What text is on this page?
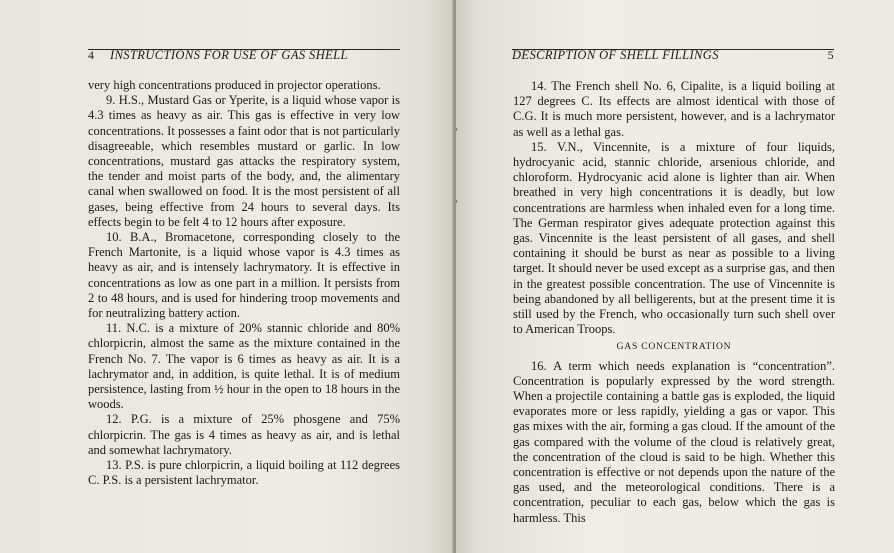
4 INSTRUCTIONS FOR USE OF GAS SHELL

very high concentrations produced in projector operations.

9. H.S., Mustard Gas or Yperite, is a liquid whose vapor is 4.3 times as heavy as air. This gas is effective in very low concentrations. It possesses a faint odor that is not particularly disagreeable, which resembles mustard or garlic. In low concentrations, mustard gas attacks the respiratory system, the tender and moist parts of the body, and, the alimentary canal when swallowed on food. It is the most persistent of all gases, being effective from 24 hours to several days. Its effects begin to be felt 4 to 12 hours after exposure.

10. B.A., Bromacetone, corresponding closely to the French Martonite, is a liquid whose vapor is 4.3 times as heavy as air, and is intensely lachrymatory. It is effective in concentrations as low as one part in a million. It persists from 2 to 48 hours, and is used for hindering troop movements and for neutralizing battery action.

11. N.C. is a mixture of 20% stannic chloride and 80% chlorpicrin, almost the same as the mixture contained in the French No. 7. The vapor is 6 times as heavy as air. It is a lachrymator and, in addition, is quite lethal. It is of medium persistence, lasting from ½ hour in the open to 18 hours in the woods.

12. P.G. is a mixture of 25% phosgene and 75% chlorpicrin. The gas is 4 times as heavy as air, and is lethal and somewhat lachrymatory.

13. P.S. is pure chlorpicrin, a liquid boiling at 112 degrees C. P.S. is a persistent lachrymator.

DESCRIPTION OF SHELL FILLINGS	5

14. The French shell No. 6, Cipalite, is a liquid boiling at 127 degrees C. Its effects are almost identical with those of C.G. It is much more persistent, however, and is a lachrymator as well as a lethal gas.

15. V.N., Vincennite, is a mixture of four liquids, hydrocyanic acid, stannic chloride, arsenious chloride, and chloroform. Hydrocyanic acid alone is lighter than air. When breathed in very high concentrations it is deadly, but low concentrations are harmless when inhaled even for a long time. The German respirator gives adequate protection against this gas. Vincennite is the least persistent of all gases, and shell containing it should be burst as near as possible to a living target. It should never be used except as a surprise gas, and then in the greatest possible concentration. The use of Vincennite is being abandoned by all belligerents, but at the present time it is still used by the French, who occasionally turn such shell over to American Troops.

GAS CONCENTRATION

16. A term which needs explanation is “concentration”. Concentration is popularly expressed by the word strength. When a projectile containing a battle gas is exploded, the liquid evaporates more or less rapidly, yielding a gas or vapor. This gas mixes with the air, forming a gas cloud. If the amount of the gas compared with the volume of the cloud is relatively great, the concentration of the cloud is said to be high. Whether this concentration is effective or not depends upon the nature of the gas used, and the meteorological conditions. There is a concentration, peculiar to each gas, below which the gas is harmless. This
